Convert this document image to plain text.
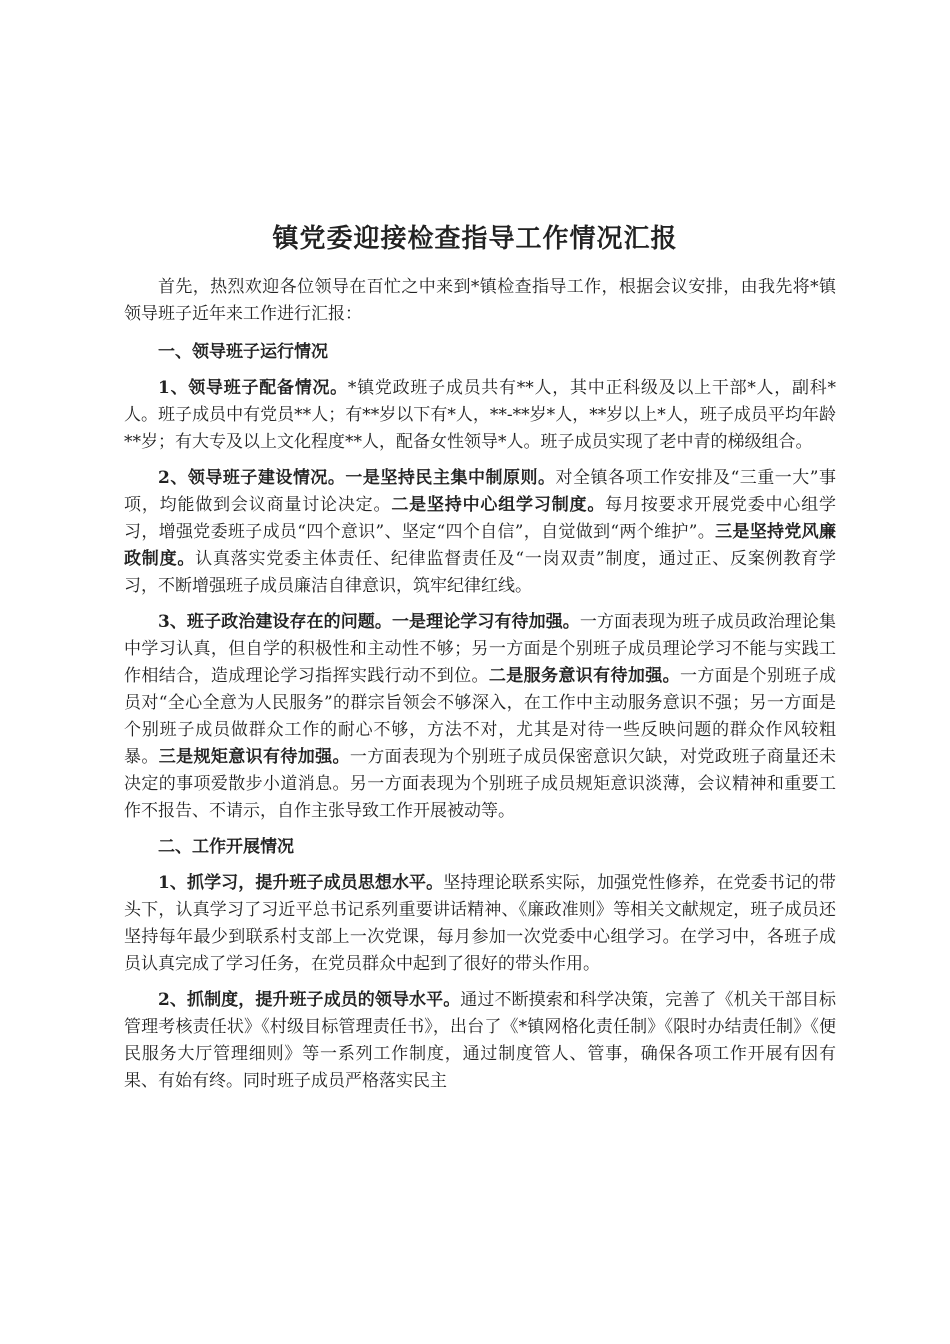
镇党委迎接检查指导工作情况汇报

首先，热烈欢迎各位领导在百忙之中来到*镇检查指导工作，根据会议安排，由我先将*镇领导班子近年来工作进行汇报：

一、领导班子运行情况

1、领导班子配备情况。*镇党政班子成员共有**人，其中正科级及以上干部*人，副科*人。班子成员中有党员**人；有**岁以下有*人，**-**岁*人，**岁以上*人，班子成员平均年龄**岁；有大专及以上文化程度**人，配备女性领导*人。班子成员实现了老中青的梯级组合。

2、领导班子建设情况。一是坚持民主集中制原则。对全镇各项工作安排及“三重一大”事项，均能做到会议商量讨论决定。二是坚持中心组学习制度。每月按要求开展党委中心组学习，增强党委班子成员“四个意识”、坚定“四个自信”，自觉做到“两个维护”。三是坚持党风廉政制度。认真落实党委主体责任、纪律监督责任及“一岗双责”制度，通过正、反案例教育学习，不断增强班子成员廉洁自律意识，筑牢纪律红线。

3、班子政治建设存在的问题。一是理论学习有待加强。一方面表现为班子成员政治理论集中学习认真，但自学的积极性和主动性不够；另一方面是个别班子成员理论学习不能与实践工作相结合，造成理论学习指挥实践行动不到位。二是服务意识有待加强。一方面是个别班子成员对“全心全意为人民服务”的群宗旨领会不够深入，在工作中主动服务意识不强；另一方面是个别班子成员做群众工作的耐心不够，方法不对，尤其是对待一些反映问题的群众作风较粗暴。三是规矩意识有待加强。一方面表现为个别班子成员保密意识欠缺，对党政班子商量还未决定的事项爱散步小道消息。另一方面表现为个别班子成员规矩意识淡薄，会议精神和重要工作不报告、不请示，自作主张导致工作开展被动等。

二、工作开展情况

1、抓学习，提升班子成员思想水平。坚持理论联系实际，加强党性修养，在党委书记的带头下，认真学习了习近平总书记系列重要讲话精神、《廉政准则》等相关文献规定，班子成员还坚持每年最少到联系村支部上一次党课，每月参加一次党委中心组学习。在学习中，各班子成员认真完成了学习任务，在党员群众中起到了很好的带头作用。

2、抓制度，提升班子成员的领导水平。通过不断摸索和科学决策，完善了《机关干部目标管理考核责任状》《村级目标管理责任书》，出台了《*镇网格化责任制》《限时办结责任制》《便民服务大厅管理细则》等一系列工作制度，通过制度管人、管事，确保各项工作开展有因有果、有始有终。同时班子成员严格落实民主
